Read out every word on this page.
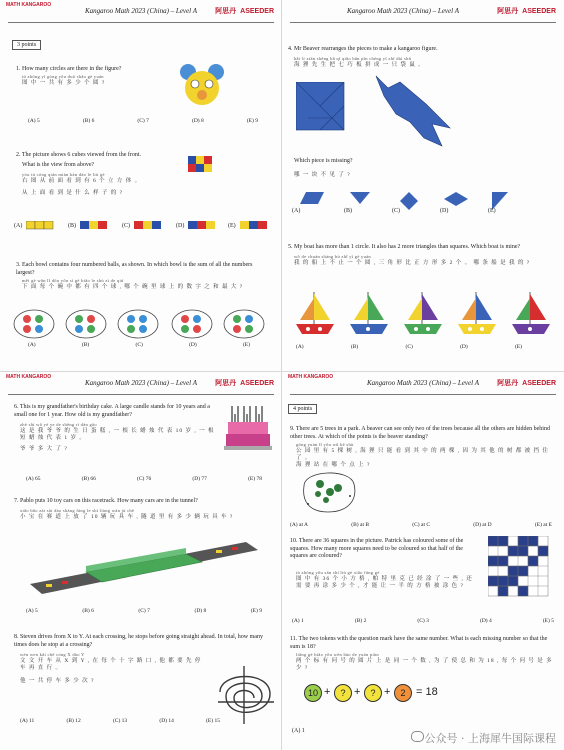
MATH KANGAROO
Kangaroo Math 2023 (China) – Level A	阿思丹 ASEEDER
3 points
1. How many circles are there in the figure?
tú zhōng yī gòng yǒu duō shǎo gè yuán
图 中 一 共 有 多 少 个 圆 ?
(A) 5	(B) 6	(C) 7	(D) 8	(E) 9
2. The picture shows 6 cubes viewed from the front.
What is the view from above?
yòu tú cóng qián miàn kàn dào le liù gè
右 图 从 前 面 看 到 有 6 个 立 方 体 。
从 上 面 看 到 是 什 么 样 子 的 ?
(A)	(B)	(C)	(D)	(E)
3. Each bowl contains four numbered balls, as shown. In which bowl is the sum of all the numbers largest?
měi gè wǎn lǐ dōu yǒu sì gè biāo le shù zì de qiú
下 面 每 个 碗 中 都 有 四 个 球 , 哪 个 碗 里 球 上 的 数 字 之 和 最 大 ?
(A)	(B)	(C)	(D)	(E)
Kangaroo Math 2023 (China) – Level A	阿思丹 ASEEDER
4. Mr Beaver rearranges the pieces to make a kangaroo figure.
hǎi lí xiān shēng bǎ qī qiǎo bǎn pīn chéng yī zhī dài shǔ
海 狸 先 生 把 七 巧 板 拼 成 一 只 袋 鼠 。
Which piece is missing?
哪 一 块 不 见 了 ?
(A)	(B)	(C)	(D)	(E)
5. My boat has more than 1 circle. It also has 2 more triangles than squares. Which boat is mine?
wǒ de chuán shàng bù zhǐ yī gè yuán
我 的 船 上 不 止 一 个 圆 , 三 角 形 比 正 方 形 多 2 个 。 哪 条 船 是 我 的 ?
(A)	(B)	(C)	(D)	(E)
MATH KANGAROO
Kangaroo Math 2023 (China) – Level A	阿思丹 ASEEDER
6. This is my grandfather's birthday cake. A large candle stands for 10 years and a small one for 1 year. How old is my grandfather?
zhè shì wǒ yé ye de shēng rì dàn gāo
这 是 我 爷 爷 的 生 日 蛋 糕 , 一 根 长 蜡 烛 代 表 10 岁 , 一 根 短 蜡 烛 代 表 1 岁 。
爷 爷 多 大 了 ?
(A) 65	(B) 66	(C) 76	(D) 77	(E) 78
7. Pablo puts 10 toy cars on this racetrack. How many cars are in the tunnel?
xiǎo bǎo zài sài dào shàng fàng le shí liàng wán jù chē
小 宝 在 赛 道 上 放 了 10 辆 玩 具 车 , 隧 道 里 有 多 少 辆 玩 具 车 ?
(A) 5	(B) 6	(C) 7	(D) 8	(E) 9
8. Steven drives from X to Y. At each crossing, he stops before going straight ahead. In total, how many times does he stop at a crossing?
wén wen kāi chē cóng X dào Y
文 文 开 车 从 X 到 Y , 在 每 个 十 字 路 口 , 他 都 要 先 停 车 再 直 行 。
他 一 共 停 车 多 少 次 ?
(A) 11	(B) 12	(C) 13	(D) 14	(E) 15
MATH KANGAROO
Kangaroo Math 2023 (China) – Level A	阿思丹 ASEEDER
4 points
9. There are 5 trees in a park. A beaver can see only two of the trees because all the others are hidden behind other trees. At which of the points is the beaver standing?
gōng yuán lǐ yǒu wǔ kē shù
公 园 里 有 5 棵 树 , 海 狸 只 能 看 到 其 中 的 两 棵 , 因 为 其 他 的 树 都 被 挡 住 了 。
海 狸 站 在 哪 个 点 上 ?
(A) at A	(B) at B	(C) at C	(D) at D	(E) at E
10. There are 36 squares in the picture. Patrick has coloured some of the squares. How many more squares need to be coloured so that half of the squares are coloured?
tú zhōng yǒu sān shí liù gè xiǎo fāng gé
图 中 有 36 个 小 方 格 , 帕 特 里 克 已 经 涂 了 一 些 , 还 需 要 再 涂 多 少 个 , 才 能 让 一 半 的 方 格 被 涂 色 ?
(A) 1	(B) 2	(C) 3	(D) 4	(E) 5
11. The two tokens with the question mark have the same number. What is each missing number so that the sum is 18?
liǎng gè biāo yǒu wèn hào de yuán piàn
两 个 标 有 问 号 的 圆 片 上 是 同 一 个 数 , 为 了 使 总 和 为 18 , 每 个 问 号 是 多 少 ?
10 +	? +	? +	2 = 18
(A) 1
公众号 · 上海犀牛国际课程
